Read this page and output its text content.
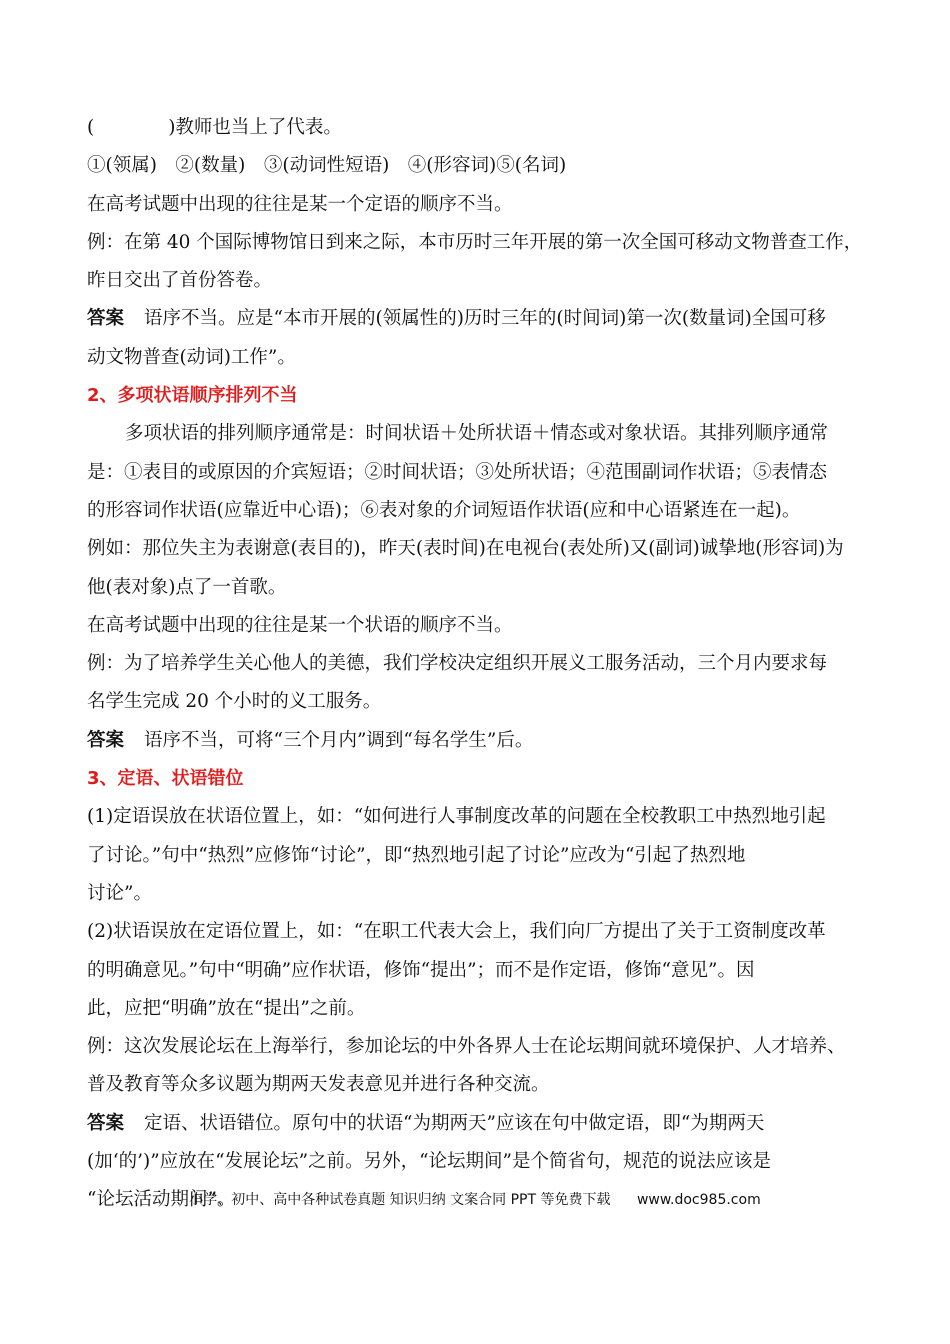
(　　　　)教师也当上了代表。
①(领属)　②(数量)　③(动词性短语)　④(形容词)⑤(名词)
在高考试题中出现的往往是某一个定语的顺序不当。
例：在第 40 个国际博物馆日到来之际，本市历时三年开展的第一次全国可移动文物普查工作，
昨日交出了首份答卷。
答案 语序不当。应是“本市开展的(领属性的)历时三年的(时间词)第一次(数量词)全国可移
动文物普查(动词)工作”。
2、多项状语顺序排列不当
多项状语的排列顺序通常是：时间状语＋处所状语＋情态或对象状语。其排列顺序通常
是：①表目的或原因的介宾短语；②时间状语；③处所状语；④范围副词作状语；⑤表情态
的形容词作状语(应靠近中心语)；⑥表对象的介词短语作状语(应和中心语紧连在一起)。
例如：那位失主为表谢意(表目的)，昨天(表时间)在电视台(表处所)又(副词)诚挚地(形容词)为
他(表对象)点了一首歌。
在高考试题中出现的往往是某一个状语的顺序不当。
例：为了培养学生关心他人的美德，我们学校决定组织开展义工服务活动，三个月内要求每
名学生完成 20 个小时的义工服务。
答案 语序不当，可将“三个月内”调到“每名学生”后。
3、定语、状语错位
(1)定语误放在状语位置上，如：“如何进行人事制度改革的问题在全校教职工中热烈地引起
了讨论。”句中“热烈”应修饰“讨论”，即“热烈地引起了讨论”应改为“引起了热烈地
讨论”。
(2)状语误放在定语位置上，如：“在职工代表大会上，我们向厂方提出了关于工资制度改革
的明确意见。”句中“明确”应作状语，修饰“提出”；而不是作定语，修饰“意见”。因
此，应把“明确”放在“提出”之前。
例：这次发展论坛在上海举行，参加论坛的中外各界人士在论坛期间就环境保护、人才培养、
普及教育等众多议题为期两天发表意见并进行各种交流。
答案 定语、状语错位。原句中的状语“为期两天”应该在句中做定语，即“为期两天
(加‘的’)”应放在“发展论坛”之前。另外，“论坛期间”是个简省句，规范的说法应该是
“论坛活动期间”。
小学、初中、高中各种试卷真题 知识归纳 文案合同 PPT 等免费下载 www.doc985.com
